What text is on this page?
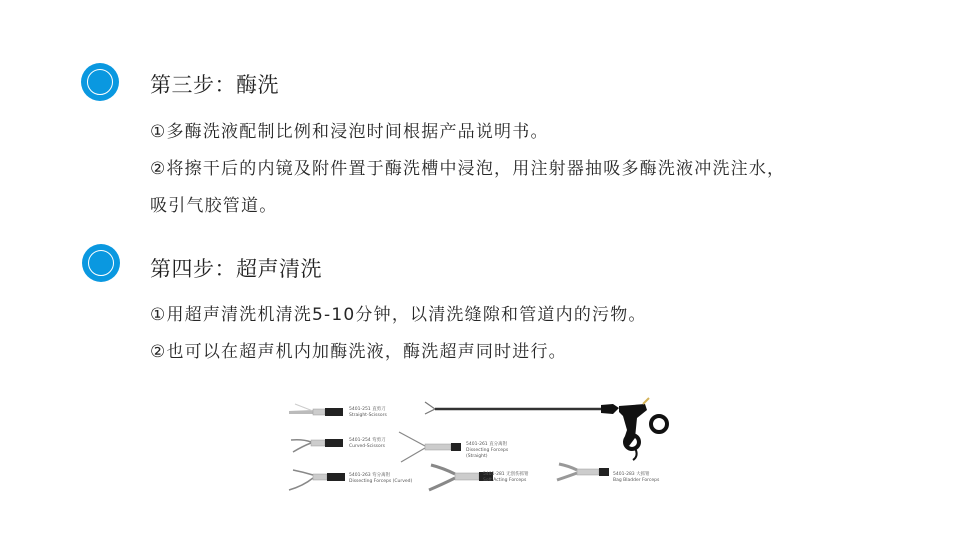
第三步：酶洗
①多酶洗液配制比例和浸泡时间根据产品说明书。
②将擦干后的内镜及附件置于酶洗槽中浸泡，用注射器抽吸多酶洗液冲洗注水，
吸引气胶管道。
第四步：超声清洗
①用超声清洗机清洗5-10分钟，以清洗缝隙和管道内的污物。
②也可以在超声机内加酶洗液，酶洗超声同时进行。
5401-251 直剪刀
Straight-Scissors
5401-254 弯剪刀
Curved-Scissors
5401-263 弯分离钳
Dissecting Forceps (Curved)
5401-261 直分离钳
Dissecting Forceps
(Straight)
5401-281 无创伤抓钳
Soft Acting Forceps
5401-283 大抓钳
Bag Bladder Forceps
